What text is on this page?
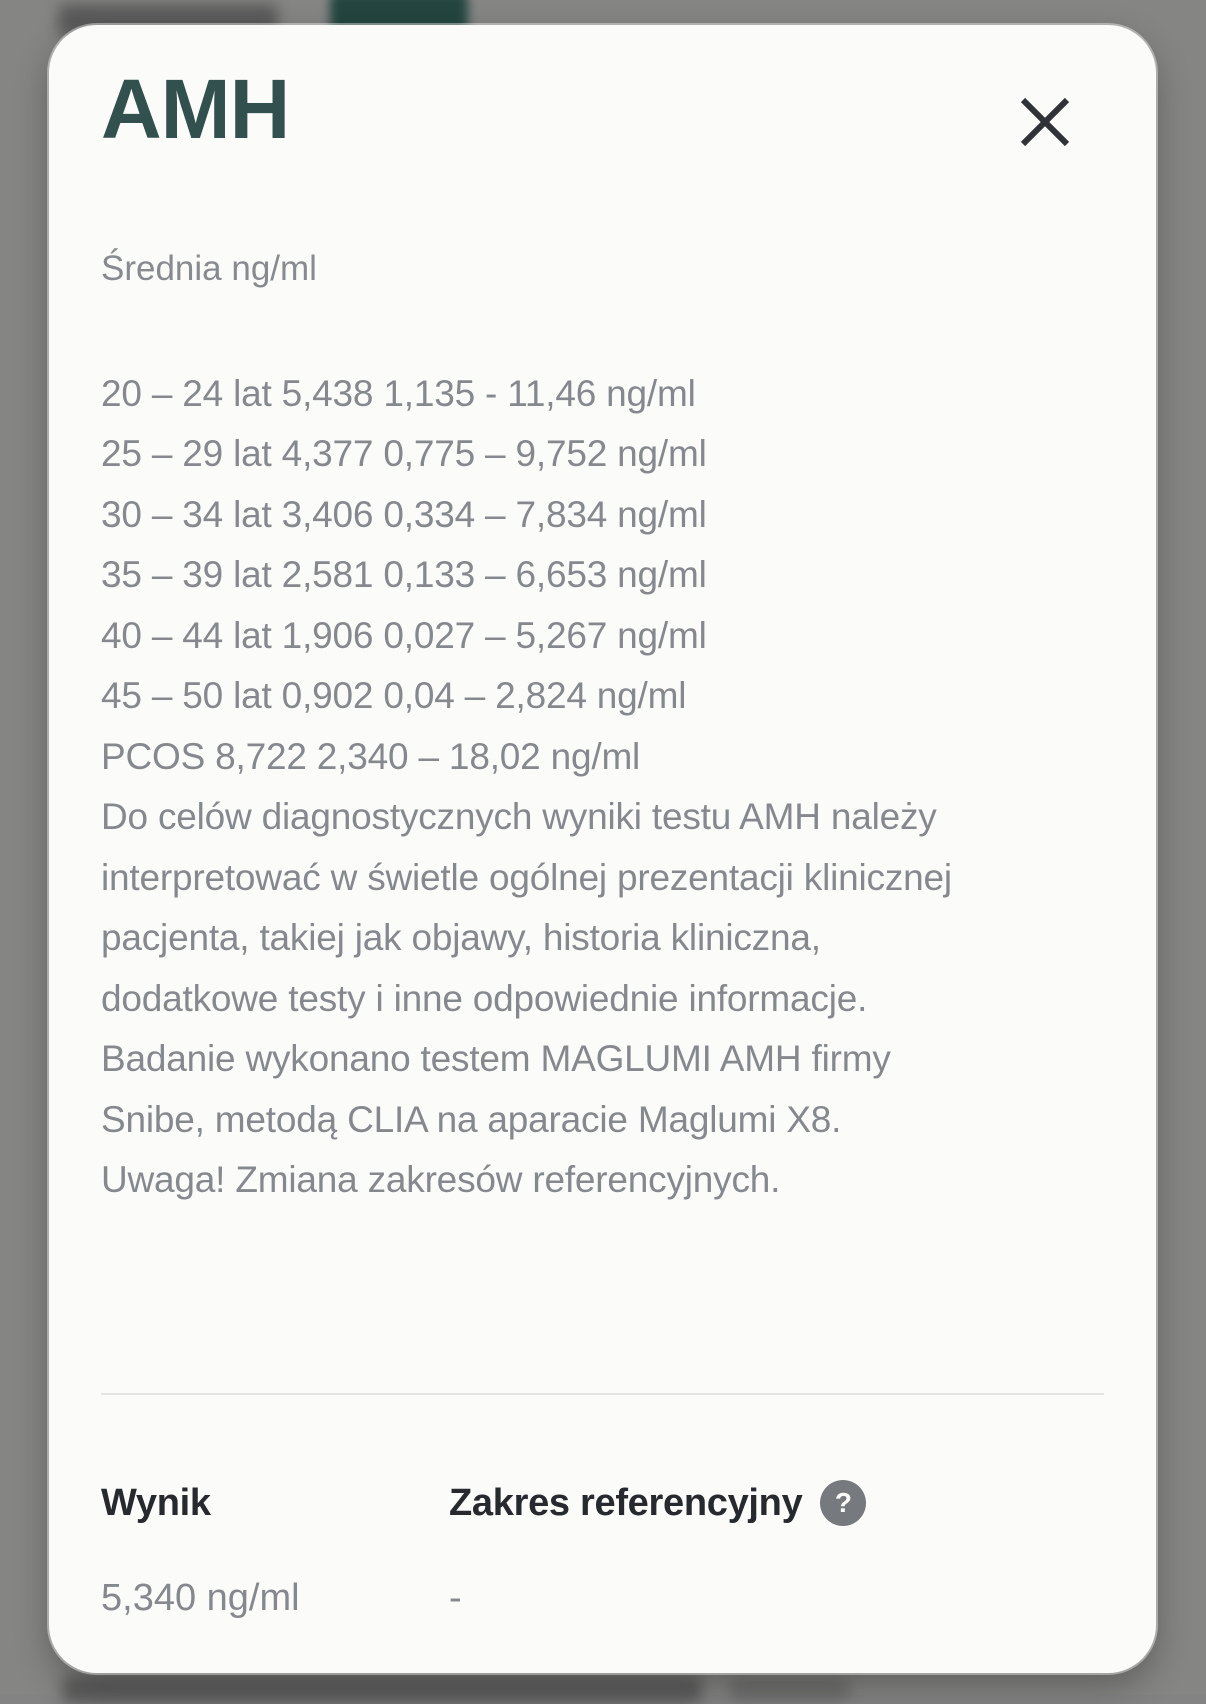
AMH
Średnia ng/ml
20 – 24 lat 5,438 1,135 - 11,46 ng/ml
25 – 29 lat 4,377 0,775 – 9,752 ng/ml
30 – 34 lat 3,406 0,334 – 7,834 ng/ml
35 – 39 lat 2,581 0,133 – 6,653 ng/ml
40 – 44 lat 1,906 0,027 – 5,267 ng/ml
45 – 50 lat 0,902 0,04 – 2,824 ng/ml
PCOS 8,722 2,340 – 18,02 ng/ml
Do celów diagnostycznych wyniki testu AMH należy
interpretować w świetle ogólnej prezentacji klinicznej
pacjenta, takiej jak objawy, historia kliniczna,
dodatkowe testy i inne odpowiednie informacje.
Badanie wykonano testem MAGLUMI AMH firmy
Snibe, metodą CLIA na aparacie Maglumi X8.
Uwaga! Zmiana zakresów referencyjnych.
Wynik	Zakres referencyjny ?
5,340 ng/ml	-
